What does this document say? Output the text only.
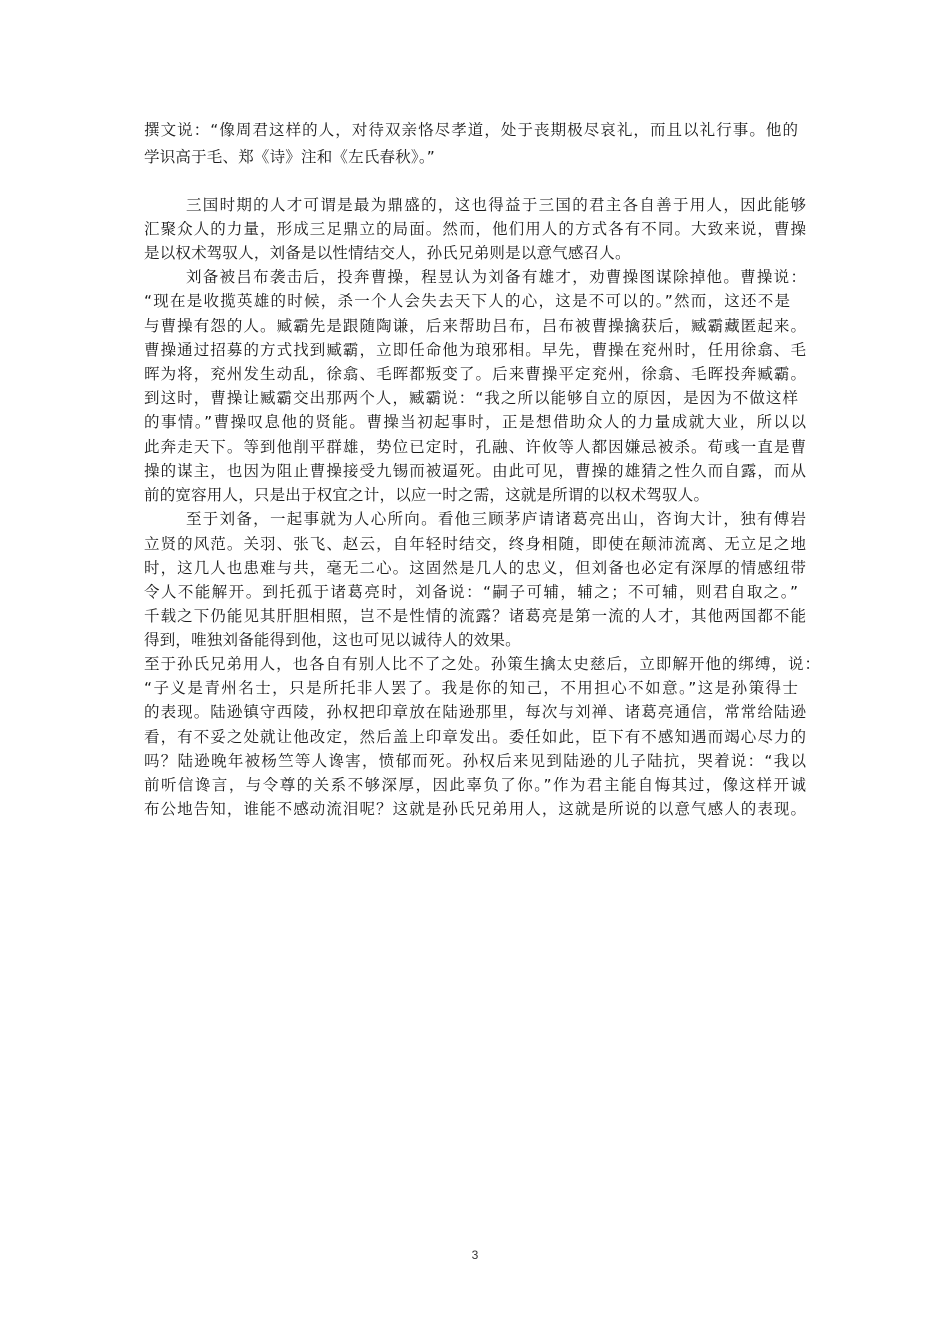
撰文说：“像周君这样的人，对待双亲恪尽孝道，处于丧期极尽哀礼，而且以礼行事。他的
学识高于毛、郑《诗》注和《左氏春秋》。”
三国时期的人才可谓是最为鼎盛的，这也得益于三国的君主各自善于用人，因此能够
汇聚众人的力量，形成三足鼎立的局面。然而，他们用人的方式各有不同。大致来说，曹操
是以权术驾驭人，刘备是以性情结交人，孙氏兄弟则是以意气感召人。
刘备被吕布袭击后，投奔曹操，程昱认为刘备有雄才，劝曹操图谋除掉他。曹操说：
“现在是收揽英雄的时候，杀一个人会失去天下人的心，这是不可以的。”然而，这还不是
与曹操有怨的人。臧霸先是跟随陶谦，后来帮助吕布，吕布被曹操擒获后，臧霸藏匿起来。
曹操通过招募的方式找到臧霸，立即任命他为琅邪相。早先，曹操在兖州时，任用徐翕、毛
晖为将，兖州发生动乱，徐翕、毛晖都叛变了。后来曹操平定兖州，徐翕、毛晖投奔臧霸。
到这时，曹操让臧霸交出那两个人，臧霸说：“我之所以能够自立的原因，是因为不做这样
的事情。”曹操叹息他的贤能。曹操当初起事时，正是想借助众人的力量成就大业，所以以
此奔走天下。等到他削平群雄，势位已定时，孔融、许攸等人都因嫌忌被杀。荀彧一直是曹
操的谋主，也因为阻止曹操接受九锡而被逼死。由此可见，曹操的雄猜之性久而自露，而从
前的宽容用人，只是出于权宜之计，以应一时之需，这就是所谓的以权术驾驭人。
至于刘备，一起事就为人心所向。看他三顾茅庐请诸葛亮出山，咨询大计，独有傅岩
立贤的风范。关羽、张飞、赵云，自年轻时结交，终身相随，即使在颠沛流离、无立足之地
时，这几人也患难与共，毫无二心。这固然是几人的忠义，但刘备也必定有深厚的情感纽带
令人不能解开。到托孤于诸葛亮时，刘备说：“嗣子可辅，辅之；不可辅，则君自取之。”
千载之下仍能见其肝胆相照，岂不是性情的流露？诸葛亮是第一流的人才，其他两国都不能
得到，唯独刘备能得到他，这也可见以诚待人的效果。
至于孙氏兄弟用人，也各自有别人比不了之处。孙策生擒太史慈后，立即解开他的绑缚，说：
“子义是青州名士，只是所托非人罢了。我是你的知己，不用担心不如意。”这是孙策得士
的表现。陆逊镇守西陵，孙权把印章放在陆逊那里，每次与刘禅、诸葛亮通信，常常给陆逊
看，有不妥之处就让他改定，然后盖上印章发出。委任如此，臣下有不感知遇而竭心尽力的
吗？陆逊晚年被杨竺等人谗害，愤郁而死。孙权后来见到陆逊的儿子陆抗，哭着说：“我以
前听信谗言，与令尊的关系不够深厚，因此辜负了你。”作为君主能自悔其过，像这样开诚
布公地告知，谁能不感动流泪呢？这就是孙氏兄弟用人，这就是所说的以意气感人的表现。
3
